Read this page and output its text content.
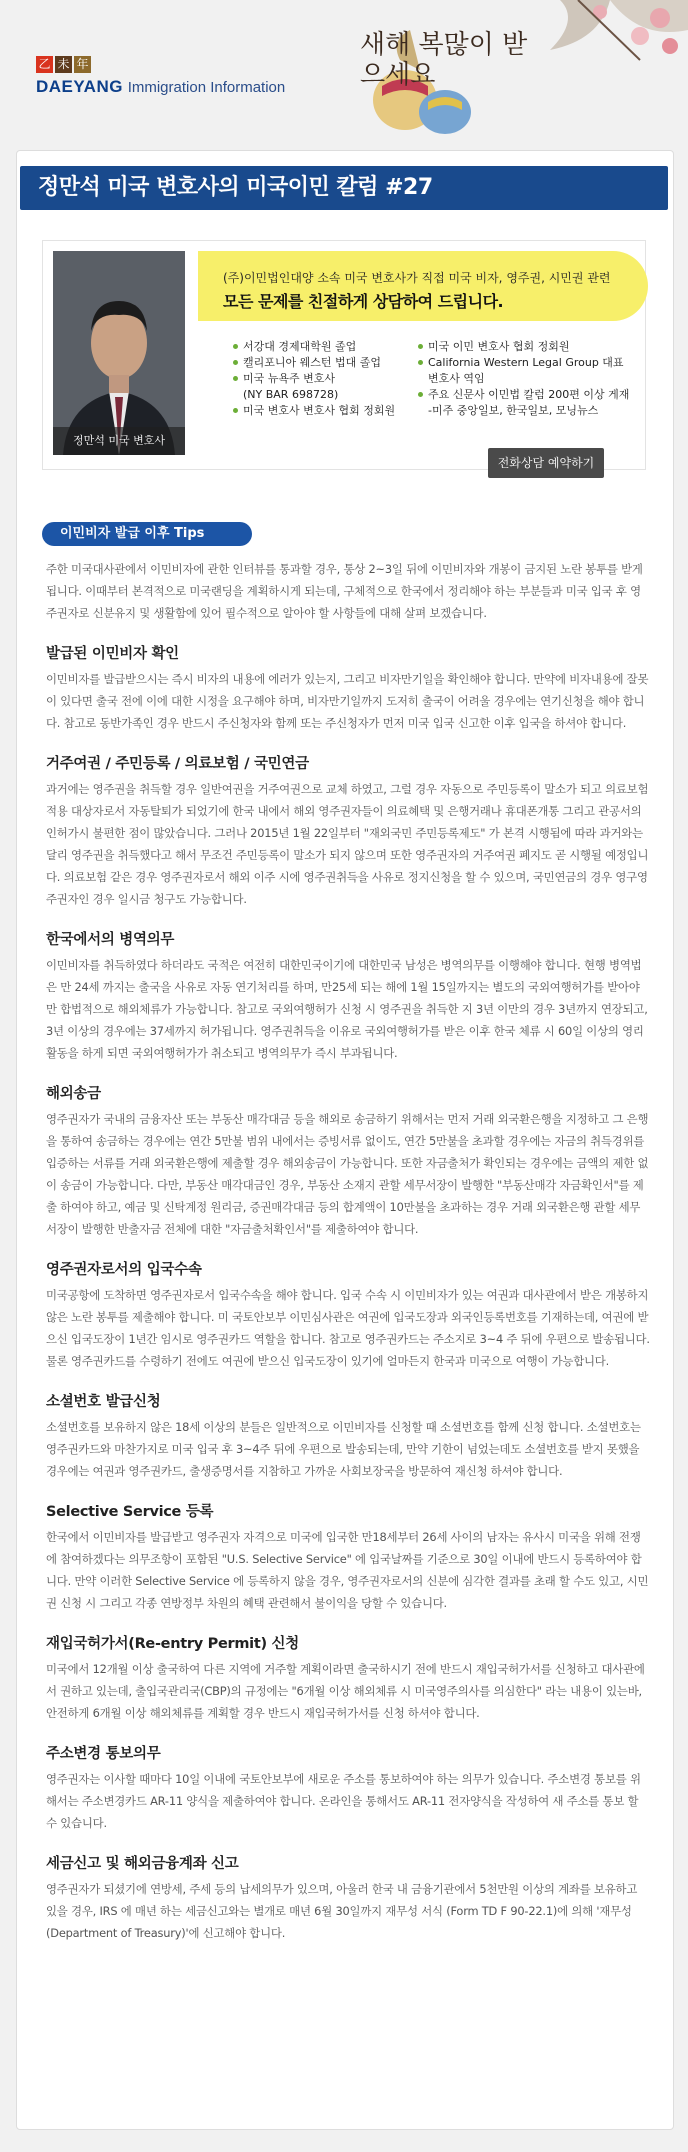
乙 未 年
DAEYANG Immigration Information
새해 복많이 받으세요
정만석 미국 변호사의 미국이민 칼럼 #27
정만석 미국 변호사
(주)이민법인대양 소속 미국 변호사가 직접 미국 비자, 영주권, 시민권 관련
모든 문제를 친절하게 상담하여 드립니다.
서강대 경제대학원 졸업
캘리포니아 웨스턴 법대 졸업
미국 뉴욕주 변호사
(NY BAR 698728)
미국 변호사 변호사 협회 정회원
미국 이민 변호사 협회 정회원
California Western Legal Group 대표
변호사 역임
주요 신문사 이민법 칼럼 200편 이상 게재
-미주 중앙일보, 한국일보, 모닝뉴스
전화상담 예약하기
이민비자 발급 이후 Tips

주한 미국대사관에서 이민비자에 관한 인터뷰를 통과할 경우, 통상 2~3일 뒤에 이민비자와 개봉이 금지된 노란 봉투를 받게 됩니다. 이때부터 본격적으로 미국랜딩을 계획하시게 되는데, 구체적으로 한국에서 정리해야 하는 부분들과 미국 입국 후 영주권자로 신분유지 및 생활함에 있어 필수적으로 알아야 할 사항들에 대해 살펴 보겠습니다.

발급된 이민비자 확인

이민비자를 발급받으시는 즉시 비자의 내용에 에러가 있는지, 그리고 비자만기일을 확인해야 합니다. 만약에 비자내용에 잘못이 있다면 출국 전에 이에 대한 시정을 요구해야 하며, 비자만기일까지 도저히 출국이 어려울 경우에는 연기신청을 해야 합니다. 참고로 동반가족인 경우 반드시 주신청자와 함께 또는 주신청자가 먼저 미국 입국 신고한 이후 입국을 하셔야 합니다.

거주여권 / 주민등록 / 의료보험 / 국민연금

과거에는 영주권을 취득할 경우 일반여권을 거주여권으로 교체 하였고, 그럴 경우 자동으로 주민등록이 말소가 되고 의료보험적용 대상자로서 자동탈퇴가 되었기에 한국 내에서 해외 영주권자들이 의료혜택 및 은행거래나 휴대폰개통 그리고 관공서의 인허가시 불편한 점이 많았습니다. 그러나 2015년 1월 22일부터 "재외국민 주민등록제도" 가 본격 시행됨에 따라 과거와는 달리 영주권을 취득했다고 해서 무조건 주민등록이 말소가 되지 않으며 또한 영주권자의 거주여권 폐지도 곧 시행될 예정입니다. 의료보험 같은 경우 영주권자로서 해외 이주 시에 영주권취득을 사유로 정지신청을 할 수 있으며, 국민연금의 경우 영구영주권자인 경우 일시금 청구도 가능합니다.

한국에서의 병역의무

이민비자를 취득하였다 하더라도 국적은 여전히 대한민국이기에 대한민국 남성은 병역의무를 이행해야 합니다. 현행 병역법은 만 24세 까지는 출국을 사유로 자동 연기처리를 하며, 만25세 되는 해에 1월 15일까지는 별도의 국외여행허가를 받아야만 합법적으로 해외체류가 가능합니다. 참고로 국외여행허가 신청 시 영주권을 취득한 지 3년 이만의 경우 3년까지 연장되고, 3년 이상의 경우에는 37세까지 허가됩니다. 영주권취득을 이유로 국외여행허가를 받은 이후 한국 체류 시 60일 이상의 영리 활동을 하게 되면 국외여행허가가 취소되고 병역의무가 즉시 부과됩니다.

해외송금

영주권자가 국내의 금융자산 또는 부동산 매각대금 등을 해외로 송금하기 위해서는 먼저 거래 외국환은행을 지정하고 그 은행을 통하여 송금하는 경우에는 연간 5만불 범위 내에서는 증빙서류 없이도, 연간 5만불을 초과할 경우에는 자금의 취득경위를 입증하는 서류를 거래 외국환은행에 제출할 경우 해외송금이 가능합니다. 또한 자금출처가 확인되는 경우에는 금액의 제한 없이 송금이 가능합니다. 다만, 부동산 매각대금인 경우, 부동산 소재지 관할 세무서장이 발행한 "부동산매각 자금확인서"를 제출 하여야 하고, 예금 및 신탁계정 원리금, 증권매각대금 등의 합계액이 10만불을 초과하는 경우 거래 외국환은행 관할 세무서장이 발행한 반출자금 전체에 대한 "자금출처확인서"를 제출하여야 합니다.

영주권자로서의 입국수속

미국공항에 도착하면 영주권자로서 입국수속을 해야 합니다. 입국 수속 시 이민비자가 있는 여권과 대사관에서 받은 개봉하지 않은 노란 봉투를 제출해야 합니다. 미 국토안보부 이민심사관은 여권에 입국도장과 외국인등록번호를 기재하는데, 여권에 받으신 입국도장이 1년간 임시로 영주권카드 역할을 합니다. 참고로 영주권카드는 주소지로 3~4 주 뒤에 우편으로 발송됩니다. 물론 영주권카드를 수령하기 전에도 여권에 받으신 입국도장이 있기에 얼마든지 한국과 미국으로 여행이 가능합니다.

소셜번호 발급신청

소셜번호를 보유하지 않은 18세 이상의 분들은 일반적으로 이민비자를 신청할 때 소셜번호를 함께 신청 합니다. 소셜번호는 영주권카드와 마찬가지로 미국 입국 후 3~4주 뒤에 우편으로 발송되는데, 만약 기한이 넘었는데도 소셜번호를 받지 못했을 경우에는 여권과 영주권카드, 출생증명서를 지참하고 가까운 사회보장국을 방문하여 재신청 하셔야 합니다.

Selective Service 등록

한국에서 이민비자를 발급받고 영주권자 자격으로 미국에 입국한 만18세부터 26세 사이의 남자는 유사시 미국을 위해 전쟁에 참여하겠다는 의무조항이 포함된 "U.S. Selective Service" 에 입국날짜를 기준으로 30일 이내에 반드시 등록하여야 합니다. 만약 이러한 Selective Service 에 등록하지 않을 경우, 영주권자로서의 신분에 심각한 결과를 초래 할 수도 있고, 시민권 신청 시 그리고 각종 연방정부 차원의 혜택 관련해서 불이익을 당할 수 있습니다.

재입국허가서(Re-entry Permit) 신청

미국에서 12개월 이상 출국하여 다른 지역에 거주할 계획이라면 출국하시기 전에 반드시 재입국허가서를 신청하고 대사관에서 권하고 있는데, 출입국관리국(CBP)의 규정에는 "6개월 이상 해외체류 시 미국영주의사를 의심한다" 라는 내용이 있는바, 안전하게 6개월 이상 해외체류를 계획할 경우 반드시 재입국허가서를 신청 하셔야 합니다.

주소변경 통보의무

영주권자는 이사할 때마다 10일 이내에 국토안보부에 새로운 주소를 통보하여야 하는 의무가 있습니다. 주소변경 통보를 위해서는 주소변경카드 AR-11 양식을 제출하여야 합니다. 온라인을 통해서도 AR-11 전자양식을 작성하여 새 주소를 통보 할 수 있습니다.

세금신고 및 해외금융계좌 신고

영주권자가 되셨기에 연방세, 주세 등의 납세의무가 있으며, 아울러 한국 내 금융기관에서 5천만원 이상의 계좌를 보유하고 있을 경우, IRS 에 매년 하는 세금신고와는 별개로 매년 6월 30일까지 재무성 서식 (Form TD F 90-22.1)에 의해 '재무성(Department of Treasury)'에 신고해야 합니다.
